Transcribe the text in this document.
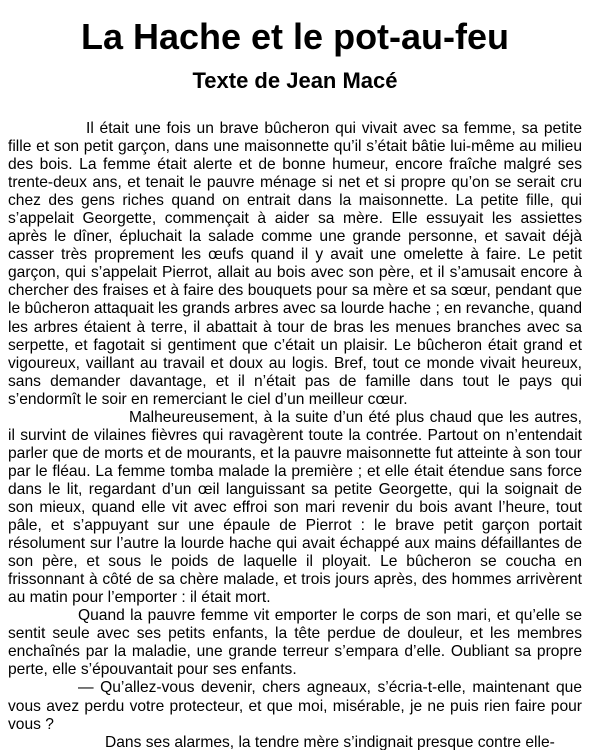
La Hache et le pot-au-feu
Texte de Jean Macé

Il était une fois un brave bûcheron qui vivait avec sa femme, sa petite fille et son petit garçon, dans une maisonnette qu’il s’était bâtie lui-même au milieu des bois. La femme était alerte et de bonne humeur, encore fraîche malgré ses trente-deux ans, et tenait le pauvre ménage si net et si propre qu’on se serait cru chez des gens riches quand on entrait dans la maisonnette. La petite fille, qui s’appelait Georgette, commençait à aider sa mère. Elle essuyait les assiettes après le dîner, épluchait la salade comme une grande personne, et savait déjà casser très proprement les œufs quand il y avait une omelette à faire. Le petit garçon, qui s’appelait Pierrot, allait au bois avec son père, et il s’amusait encore à chercher des fraises et à faire des bouquets pour sa mère et sa sœur, pendant que le bûcheron attaquait les grands arbres avec sa lourde hache ; en revanche, quand les arbres étaient à terre, il abattait à tour de bras les menues branches avec sa serpette, et fagotait si gentiment que c’était un plaisir. Le bûcheron était grand et vigoureux, vaillant au travail et doux au logis. Bref, tout ce monde vivait heureux, sans demander davantage, et il n’était pas de famille dans tout le pays qui s’endormît le soir en remerciant le ciel d’un meilleur cœur.

Malheureusement, à la suite d’un été plus chaud que les autres, il survint de vilaines fièvres qui ravagèrent toute la contrée. Partout on n’entendait parler que de morts et de mourants, et la pauvre maisonnette fut atteinte à son tour par le fléau. La femme tomba malade la première ; et elle était étendue sans force dans le lit, regardant d’un œil languissant sa petite Georgette, qui la soignait de son mieux, quand elle vit avec effroi son mari revenir du bois avant l’heure, tout pâle, et s’appuyant sur une épaule de Pierrot : le brave petit garçon portait résolument sur l’autre la lourde hache qui avait échappé aux mains défaillantes de son père, et sous le poids de laquelle il ployait. Le bûcheron se coucha en frissonnant à côté de sa chère malade, et trois jours après, des hommes arrivèrent au matin pour l’emporter : il était mort.

Quand la pauvre femme vit emporter le corps de son mari, et qu’elle se sentit seule avec ses petits enfants, la tête perdue de douleur, et les membres enchaînés par la maladie, une grande terreur s’empara d’elle. Oubliant sa propre perte, elle s’épouvantait pour ses enfants.

— Qu’allez-vous devenir, chers agneaux, s’écria-t-elle, maintenant que vous avez perdu votre protecteur, et que moi, misérable, je ne puis rien faire pour vous ?

Dans ses alarmes, la tendre mère s’indignait presque contre elle-
